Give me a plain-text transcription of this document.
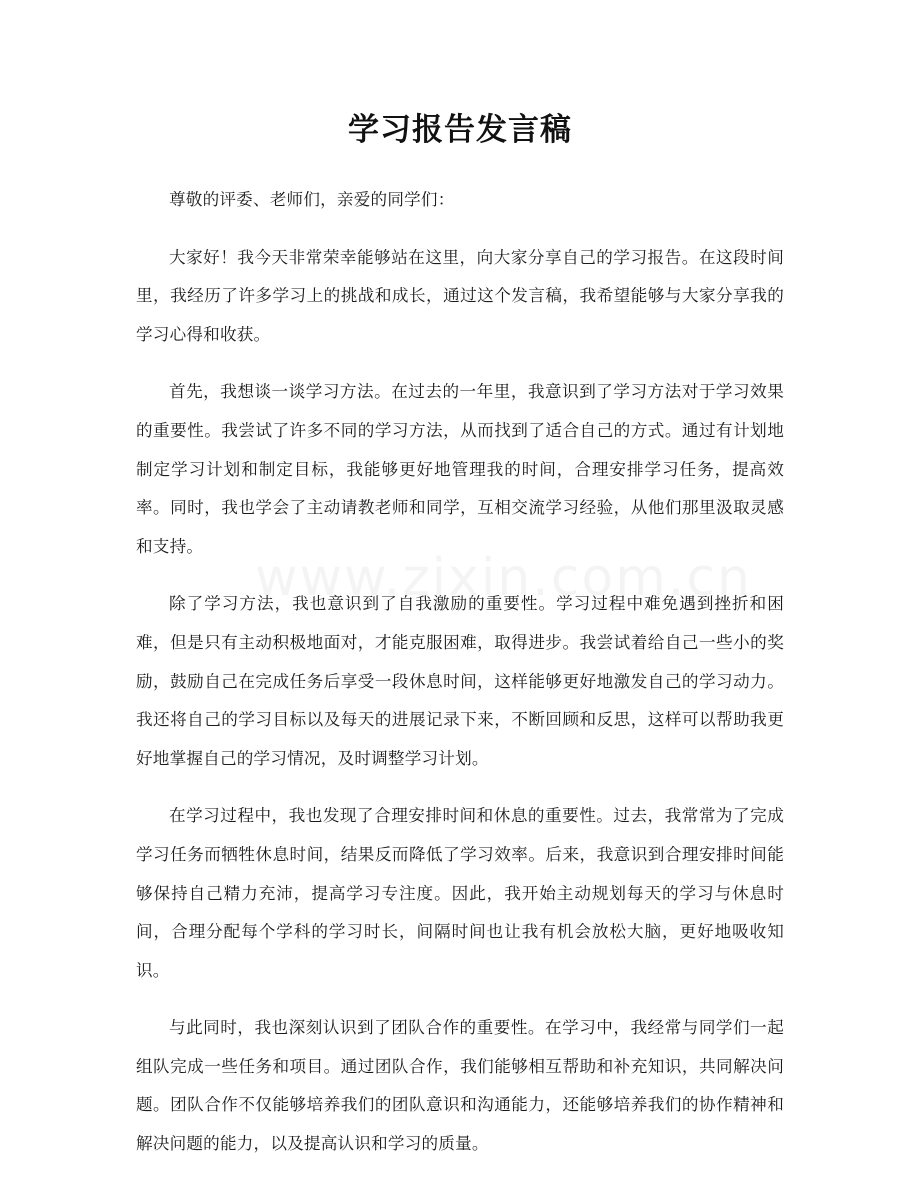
学习报告发言稿

尊敬的评委、老师们，亲爱的同学们：

大家好！我今天非常荣幸能够站在这里，向大家分享自己的学习报告。在这段时间里，我经历了许多学习上的挑战和成长，通过这个发言稿，我希望能够与大家分享我的学习心得和收获。

首先，我想谈一谈学习方法。在过去的一年里，我意识到了学习方法对于学习效果的重要性。我尝试了许多不同的学习方法，从而找到了适合自己的方式。通过有计划地制定学习计划和制定目标，我能够更好地管理我的时间，合理安排学习任务，提高效率。同时，我也学会了主动请教老师和同学，互相交流学习经验，从他们那里汲取灵感和支持。

除了学习方法，我也意识到了自我激励的重要性。学习过程中难免遇到挫折和困难，但是只有主动积极地面对，才能克服困难，取得进步。我尝试着给自己一些小的奖励，鼓励自己在完成任务后享受一段休息时间，这样能够更好地激发自己的学习动力。我还将自己的学习目标以及每天的进展记录下来，不断回顾和反思，这样可以帮助我更好地掌握自己的学习情况，及时调整学习计划。

在学习过程中，我也发现了合理安排时间和休息的重要性。过去，我常常为了完成学习任务而牺牲休息时间，结果反而降低了学习效率。后来，我意识到合理安排时间能够保持自己精力充沛，提高学习专注度。因此，我开始主动规划每天的学习与休息时间，合理分配每个学科的学习时长，间隔时间也让我有机会放松大脑，更好地吸收知识。

与此同时，我也深刻认识到了团队合作的重要性。在学习中，我经常与同学们一起组队完成一些任务和项目。通过团队合作，我们能够相互帮助和补充知识，共同解决问题。团队合作不仅能够培养我们的团队意识和沟通能力，还能够培养我们的协作精神和解决问题的能力，以及提高认识和学习的质量。
